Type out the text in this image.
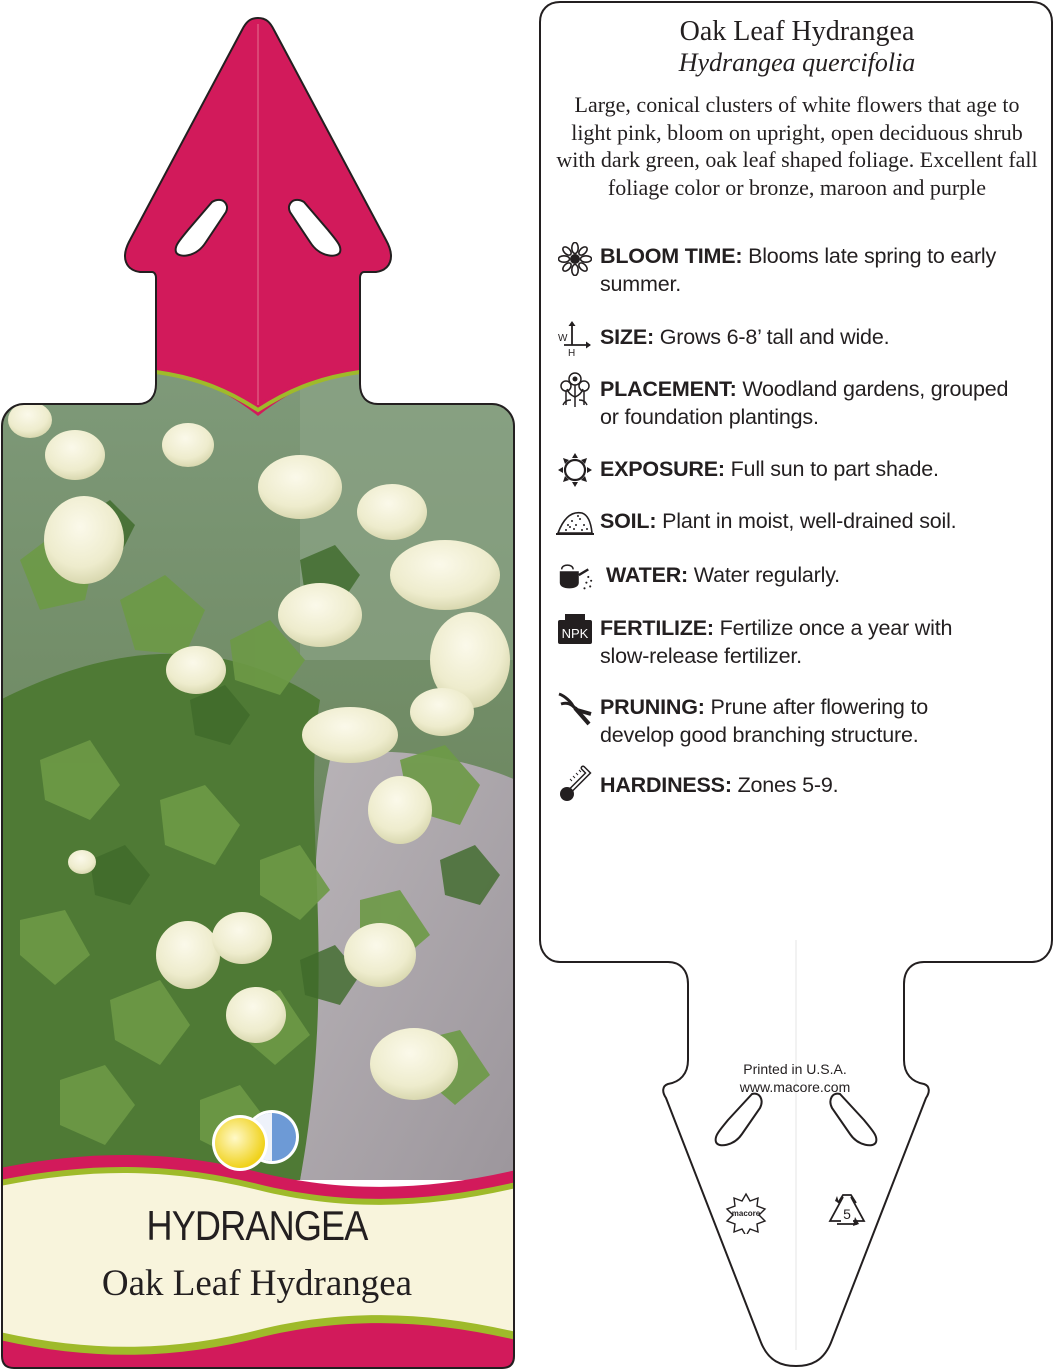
HYDRANGEA
Oak Leaf Hydrangea
Oak Leaf Hydrangea
Hydrangea quercifolia
Large, conical clusters of white flowers that age to light pink, bloom on upright, open deciduous shrub with dark green, oak leaf shaped foliage. Excellent fall foliage color or bronze, maroon and purple
BLOOM TIME: Blooms late spring to early
summer.
W
H
SIZE: Grows 6-8’ tall and wide.
PLACEMENT: Woodland gardens, grouped
or foundation plantings.
EXPOSURE: Full sun to part shade.
SOIL: Plant in moist, well-drained soil.
WATER: Water regularly.
NPK FERTILIZE: Fertilize once a year with
slow-release fertilizer.
PRUNING: Prune after flowering to
develop good branching structure.
HARDINESS: Zones 5-9.
Printed in U.S.A.
www.macore.com
macore	5
